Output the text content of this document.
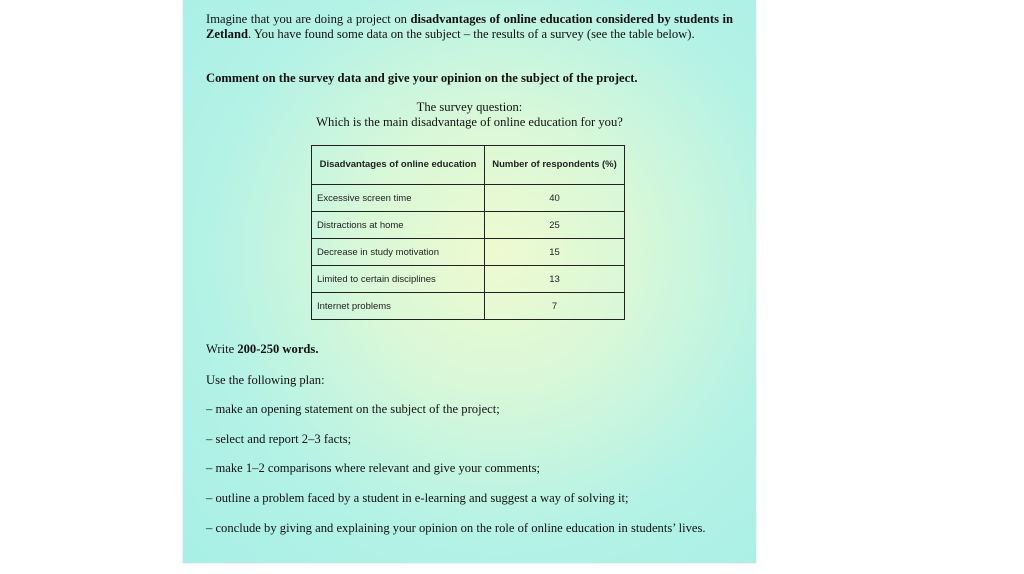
Imagine that you are doing a project on disadvantages of online education considered by students in Zetland. You have found some data on the subject – the results of a survey (see the table below).
Comment on the survey data and give your opinion on the subject of the project.
The survey question:
Which is the main disadvantage of online education for you?
Disadvantages of online education	Number of respondents (%)
Excessive screen time	40
Distractions at home	25
Decrease in study motivation	15
Limited to certain disciplines	13
Internet problems	7
Write 200-250 words.
Use the following plan:
– make an opening statement on the subject of the project;
– select and report 2–3 facts;
– make 1–2 comparisons where relevant and give your comments;
– outline a problem faced by a student in e-learning and suggest a way of solving it;
– conclude by giving and explaining your opinion on the role of online education in students’ lives.
